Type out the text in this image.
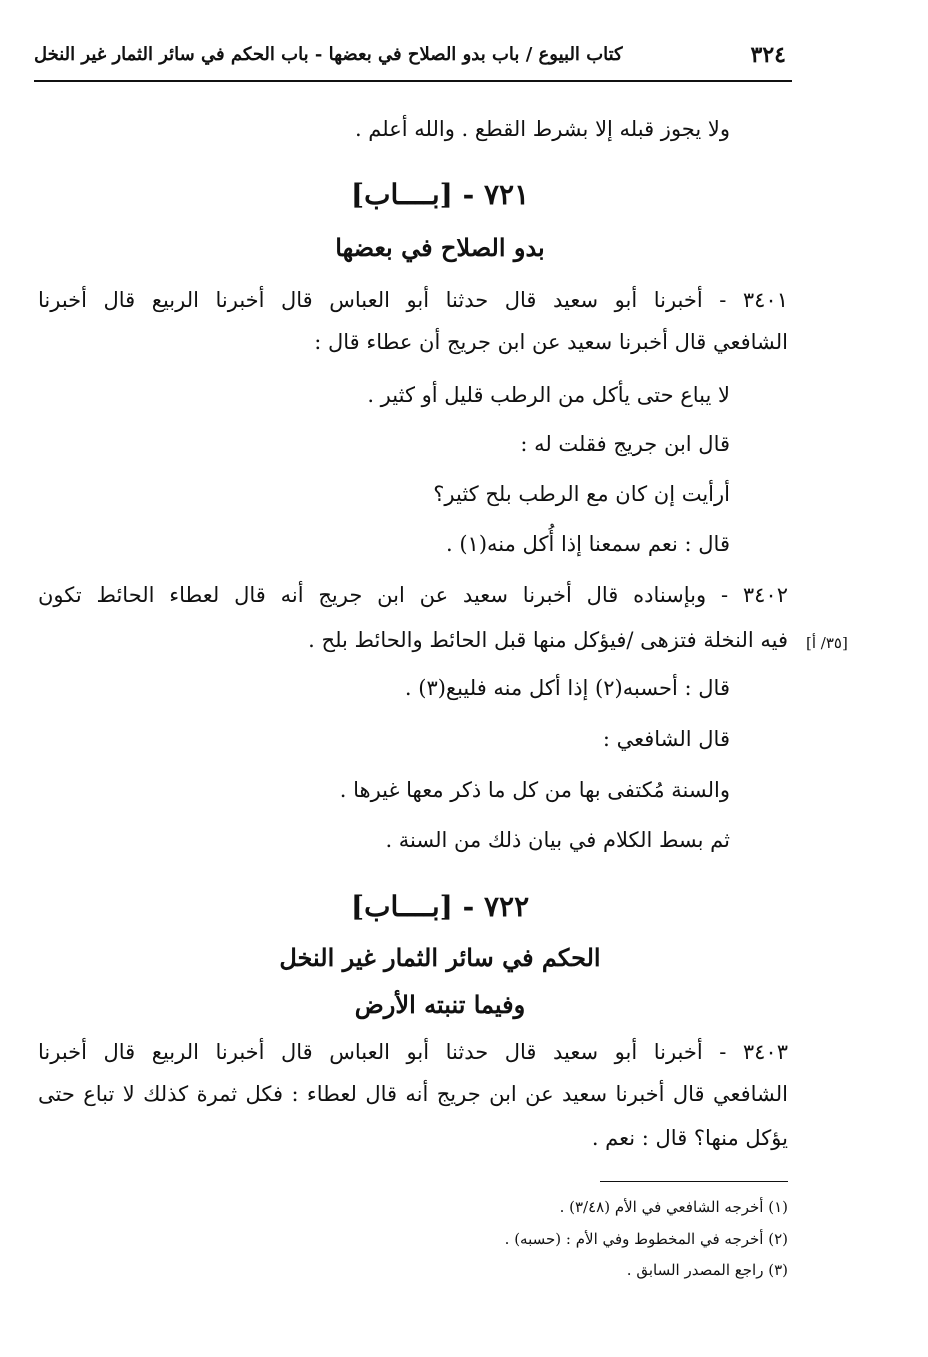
كتاب البيوع / باب بدو الصلاح في بعضها - باب الحكم في سائر الثمار غير النخل	٣٢٤
ولا يجوز قبله إلا بشرط القطع . والله أعلم .
٧٢١ - [بــــاب]
بدو الصلاح في بعضها
٣٤٠١ - أخبرنا أبو سعيد قال حدثنا أبو العباس قال أخبرنا الربيع قال أخبرنا
الشافعي قال أخبرنا سعيد عن ابن جريج أن عطاء قال :
لا يباع حتى يأكل من الرطب قليل أو كثير .
قال ابن جريج فقلت له :
أرأيت إن كان مع الرطب بلح كثير؟
قال : نعم سمعنا إذا أُكل منه(١) .
٣٤٠٢ - وبإسناده قال أخبرنا سعيد عن ابن جريج أنه قال لعطاء الحائط تكون
فيه النخلة فتزهى /فيؤكل منها قبل الحائط والحائط بلح . [٣٥/ أ]
قال : أحسبه(٢) إذا أكل منه فليبع(٣) .
قال الشافعي :
والسنة مُكتفى بها من كل ما ذكر معها غيرها .
ثم بسط الكلام في بيان ذلك من السنة .
٧٢٢ - [بــــاب]
الحكم في سائر الثمار غير النخل
وفيما تنبته الأرض
٣٤٠٣ - أخبرنا أبو سعيد قال حدثنا أبو العباس قال أخبرنا الربيع قال أخبرنا
الشافعي قال أخبرنا سعيد عن ابن جريج أنه قال لعطاء : فكل ثمرة كذلك لا تباع حتى
يؤكل منها؟ قال : نعم .
(١) أخرجه الشافعي في الأم (٣/٤٨) .
(٢) أخرجه في المخطوط وفي الأم : (حسبه) .
(٣) راجع المصدر السابق .
